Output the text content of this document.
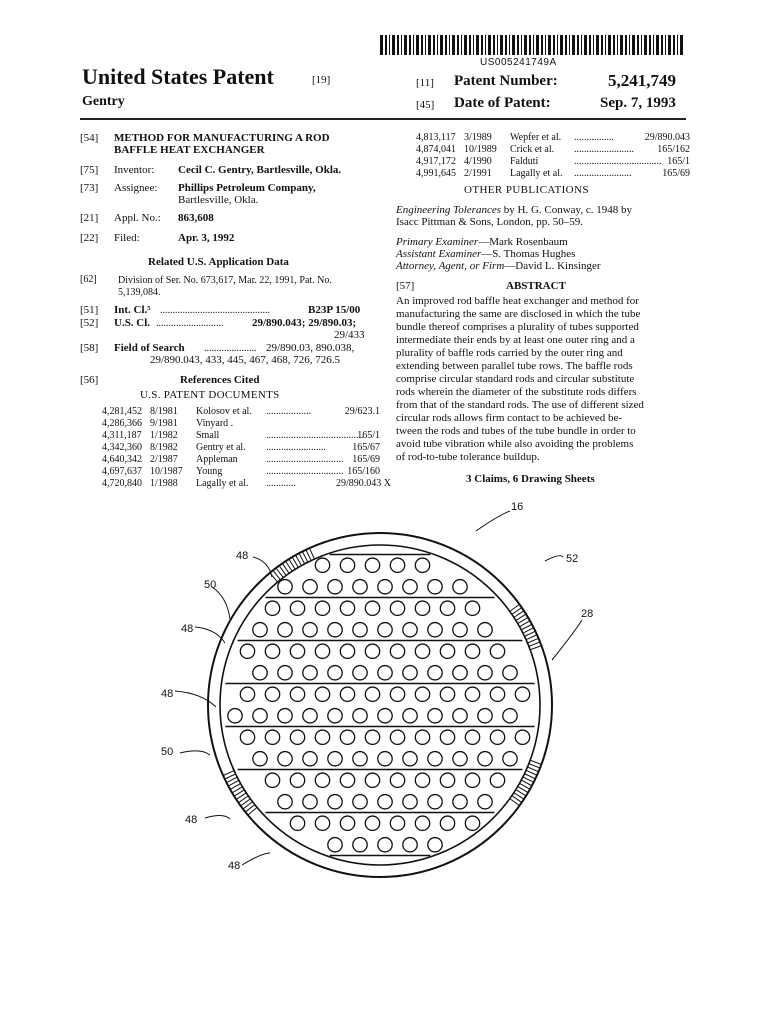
US005241749A
United States Patent	[19]
Gentry
[11] Patent Number:	5,241,749
[45] Date of Patent:	Sep. 7, 1993
[54] METHOD FOR MANUFACTURING A ROD
BAFFLE HEAT EXCHANGER
[75] Inventor: Cecil C. Gentry, Bartlesville, Okla.
[73] Assignee: Phillips Petroleum Company,
Bartlesville, Okla.
[21] Appl. No.: 863,608
[22] Filed:	Apr. 3, 1992
Related U.S. Application Data
[62] Division of Ser. No. 673,617, Mar. 22, 1991, Pat. No.
5,139,084.
[51] Int. Cl.⁵ ............................................	B23P 15/00
[52] U.S. Cl. ...........................	29/890.043; 29/890.03;
29/433
[58] Field of Search ..................... 29/890.03, 890.038,
29/890.043, 433, 445, 467, 468, 726, 726.5
[56]	References Cited
U.S. PATENT DOCUMENTS
4,281,452 8/1981 Kolosov et al. ..................	29/623.1
4,286,366 9/1981 Vinyard .
4,311,187 1/1982 Small	.......................................165/1
4,342,360 8/1982 Gentry et al. ........................	165/67
4,640,342 2/1987 Appleman	............................... 165/69
4,697,637 10/1987 Young	............................... 165/160
4,720,840 1/1988 Lagally et al. ............	29/890.043 X
4,813,117 3/1989 Wepfer et al. ................	29/890.043
4,874,041 10/1989 Crick et al. ........................ 165/162
4,917,172 4/1990 Falduti	................................... 165/1
4,991,645 2/1991 Lagally et al. .......................	165/69
OTHER PUBLICATIONS
Engineering Tolerances by H. G. Conway, c. 1948 by
Isacc Pittman & Sons, London, pp. 50–59.
Primary Examiner—Mark Rosenbaum
Assistant Examiner—S. Thomas Hughes
Attorney, Agent, or Firm—David L. Kinsinger
[57]	ABSTRACT
An improved rod baffle heat exchanger and method for
manufacturing the same are disclosed in which the tube
bundle thereof comprises a plurality of tubes supported
intermediate their ends by at least one outer ring and a
plurality of baffle rods carried by the outer ring and
extending between parallel tube rows. The baffle rods
comprise circular standard rods and circular substitute
rods wherein the diameter of the substitute rods differs
from that of the standard rods. The use of different sized
circular rods allows firm contact to be achieved be-
tween the rods and tubes of the tube bundle in order to
avoid tube vibration while also avoiding the problems
of rod-to-tube tolerance buildup.
3 Claims, 6 Drawing Sheets
16
52
28
48
50
48
48
50
48
48
